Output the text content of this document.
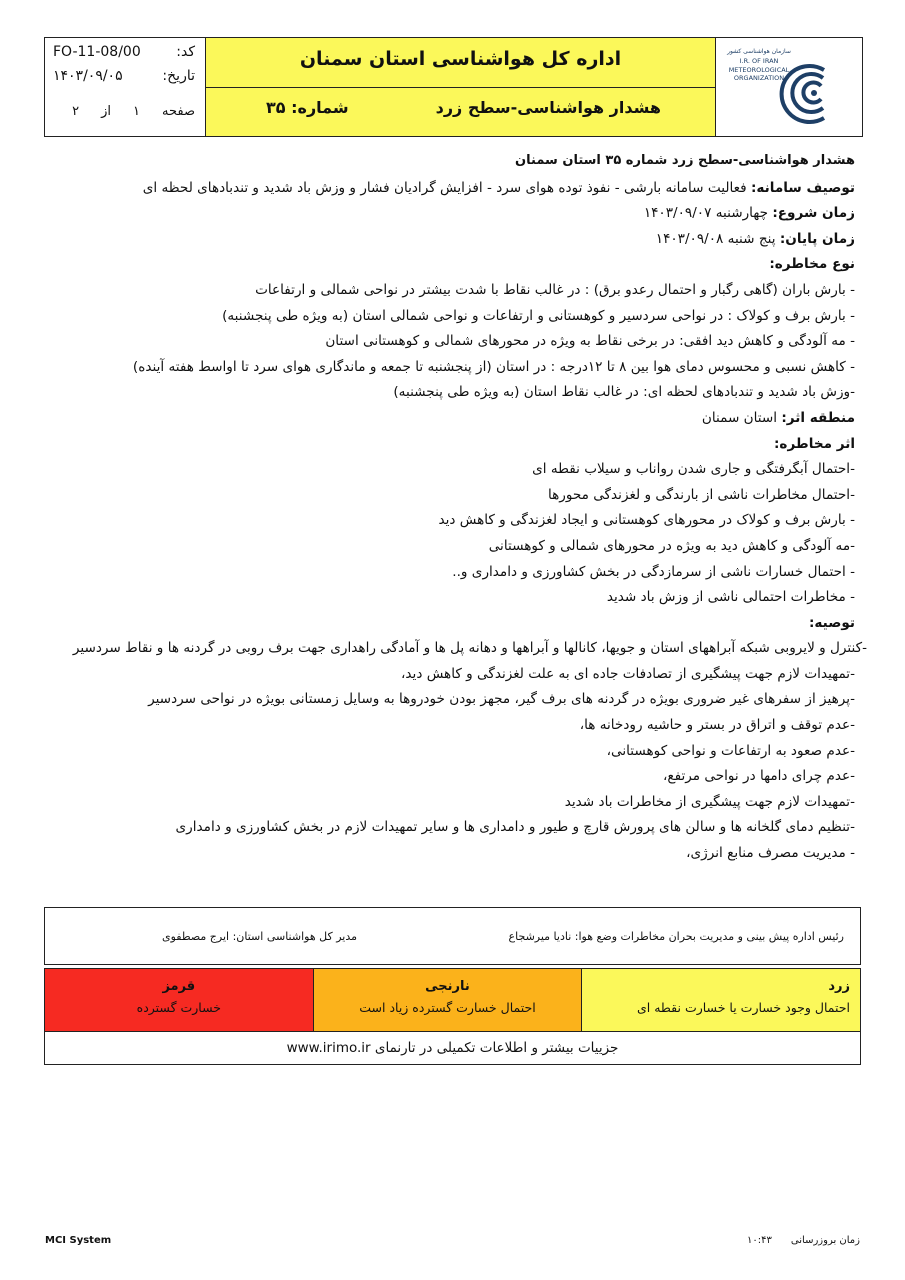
کد:
FO-11-08/00
تاریخ:
۱۴۰۳/۰۹/۰۵
صفحه
۱
از
۲
اداره کل هواشناسی استان سمنان
هشدار هواشناسی-سطح زرد
شماره: ۳۵
سازمان هواشناسی کشور
I.R. OF IRAN
METEOROLOGICAL
ORGANIZATION
هشدار هواشناسی-سطح زرد شماره ۳۵ استان سمنان
توصیف سامانه: فعالیت سامانه بارشی - نفوذ توده هوای سرد - افزایش گرادیان فشار و وزش باد شدید و تندبادهای لحظه ای
زمان شروع: چهارشنبه ۱۴۰۳/۰۹/۰۷
زمان پایان: پنج شنبه ۱۴۰۳/۰۹/۰۸
نوع مخاطره:
- بارش باران (گاهی رگبار و احتمال رعدو برق) : در غالب نقاط با شدت بیشتر در نواحی شمالی و ارتفاعات
- بارش برف و کولاک : در نواحی سردسیر و کوهستانی و ارتفاعات و نواحی شمالی استان (به ویژه طی پنجشنبه)
- مه آلودگی و کاهش دید افقی: در برخی نقاط به ویژه در محورهای شمالی و کوهستانی استان
- کاهش نسبی و محسوس دمای هوا بین ۸ تا ۱۲درجه : در استان (از پنجشنبه تا جمعه و ماندگاری هوای سرد تا اواسط هفته آینده)
-وزش باد شدید و تندبادهای لحظه ای: در غالب نقاط استان (به ویژه طی پنجشنبه)
منطقه اثر: استان سمنان
اثر مخاطره:
-احتمال آبگرفتگی و جاری شدن رواناب و سیلاب نقطه ای
-احتمال مخاطرات ناشی از بارندگی و لغزندگی محورها
- بارش برف و کولاک در محورهای کوهستانی و ایجاد لغزندگی و کاهش دید
-مه آلودگی و کاهش دید به ویژه در محورهای شمالی و کوهستانی
- احتمال خسارات ناشی از سرمازدگی در بخش کشاورزی و دامداری و..
- مخاطرات احتمالی ناشی از وزش باد شدید
توصیه:
-کنترل و لایروبی شبکه آبراههای استان و جویها، کانالها و آبراهها و دهانه پل ها و آمادگی راهداری جهت برف روبی در گردنه ها و نقاط سردسیر
-تمهیدات لازم جهت پیشگیری از تصادفات جاده ای به علت لغزندگی و کاهش دید،
-پرهیز از سفرهای غیر ضروری بویژه در گردنه های برف گیر، مجهز بودن خودروها به وسایل زمستانی بویژه در نواحی سردسیر
-عدم توقف و اتراق در بستر و حاشیه رودخانه ها،
-عدم صعود به ارتفاعات و نواحی کوهستانی،
-عدم چرای دامها در نواحی مرتفع،
-تمهیدات لازم جهت پیشگیری از مخاطرات باد شدید
-تنظیم دمای گلخانه ها و سالن های پرورش قارچ و طیور و دامداری ها و سایر تمهیدات لازم در بخش کشاورزی و دامداری
- مدیریت مصرف منابع انرژی،
رئیس اداره پیش بینی و مدیریت بحران مخاطرات وضع هوا: نادیا میرشجاع
مدیر کل هواشناسی استان: ایرج مصطفوی
زرد
احتمال وجود خسارت یا خسارت نقطه ای
نارنجی
احتمال خسارت گسترده زیاد است
قرمز
خسارت گسترده
جزییات بیشتر و اطلاعات تکمیلی در تارنمای www.irimo.ir
MCI System	زمان بروزرسانی      ۱۰:۴۳
